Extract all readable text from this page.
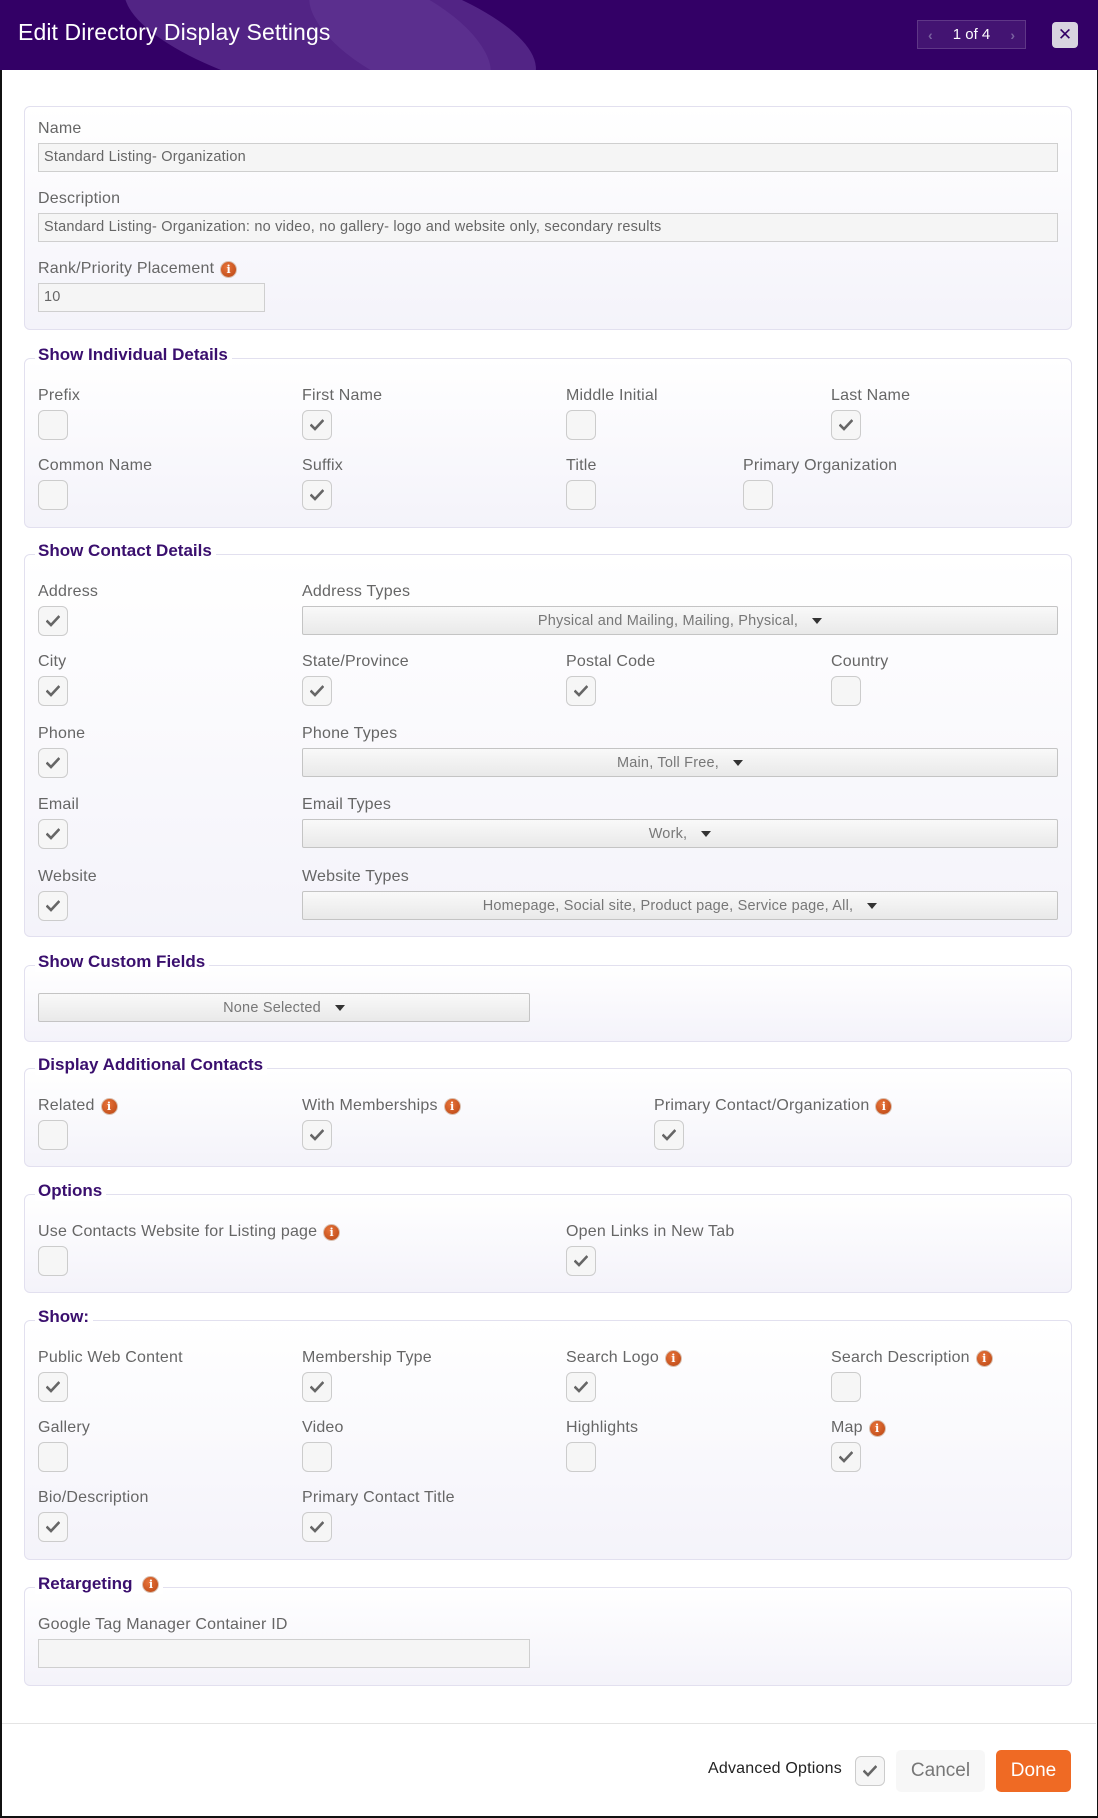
Edit Directory Display Settings	‹ 1 of 4 ›	✕
Name
Standard Listing- Organization
Description
Standard Listing- Organization: no video, no gallery- logo and website only, secondary results
Rank/Priority Placement	i
10
Show Individual Details
Prefix	First Name	Middle Initial	Last Name
Common Name	Suffix	Title	Primary Organization
Show Contact Details
Address	Address Types
Physical and Mailing, Mailing, Physical,
City	State/Province	Postal Code	Country
Phone	Phone Types
Main, Toll Free,
Email	Email Types
Work,
Website	Website Types
Homepage, Social site, Product page, Service page, All,
Show Custom Fields
None Selected
Display Additional Contacts
Related	i	With Memberships	i	Primary Contact/Organization	i
Options
Use Contacts Website for Listing page	i	Open Links in New Tab
Show:
Public Web Content	Membership Type	Search Logo	i	Search Description	i
Gallery	Video	Highlights	Map	i
Bio/Description	Primary Contact Title
Retargeting	i
Google Tag Manager Container ID
Advanced Options	Cancel	Done
